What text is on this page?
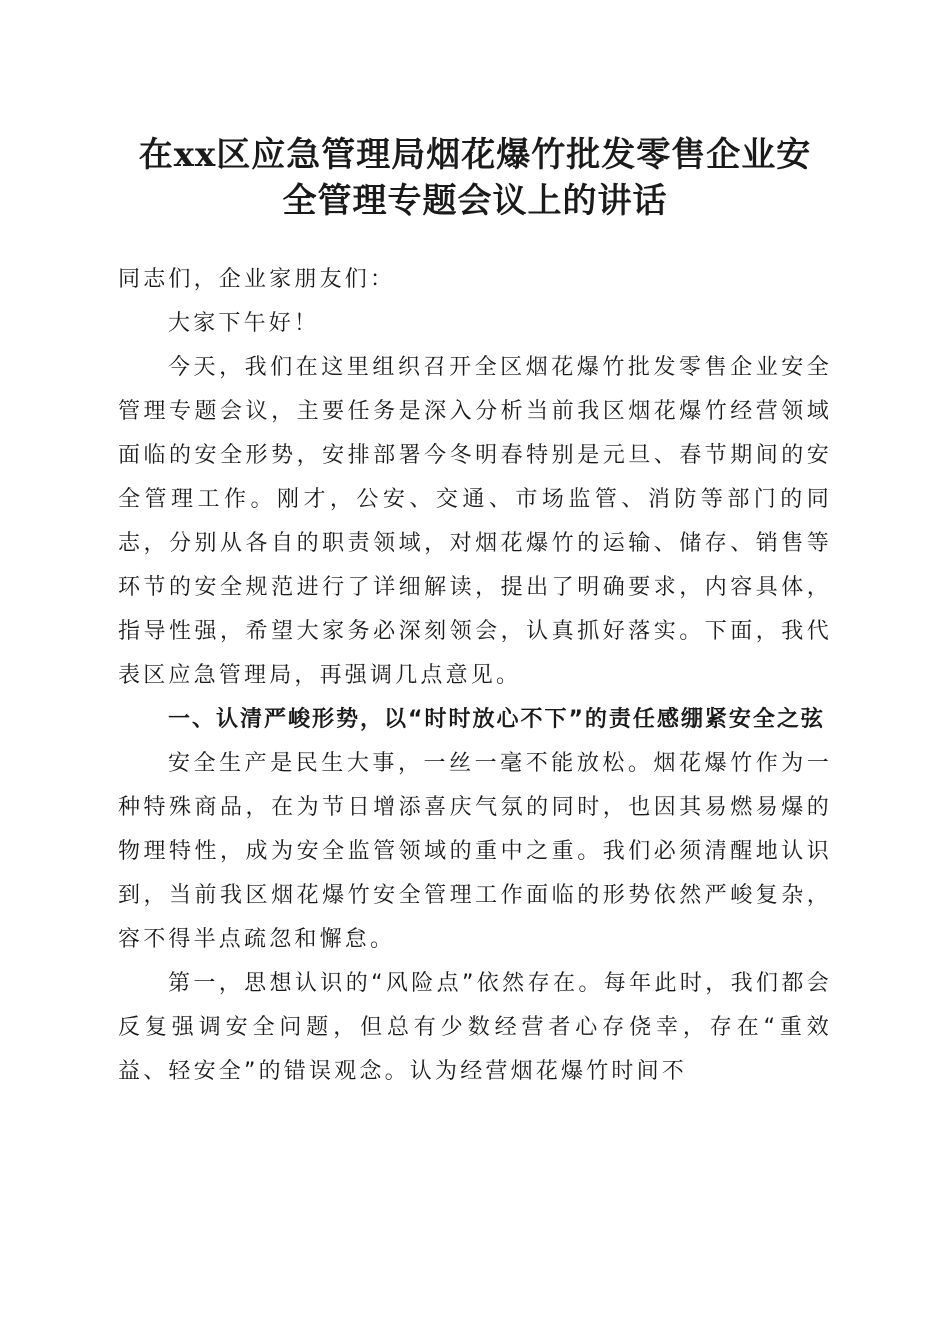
在xx区应急管理局烟花爆竹批发零售企业安
全管理专题会议上的讲话

同志们，企业家朋友们：

大家下午好！

今天，我们在这里组织召开全区烟花爆竹批发零售企业安全管理专题会议，主要任务是深入分析当前我区烟花爆竹经营领域面临的安全形势，安排部署今冬明春特别是元旦、春节期间的安全管理工作。刚才，公安、交通、市场监管、消防等部门的同志，分别从各自的职责领域，对烟花爆竹的运输、储存、销售等环节的安全规范进行了详细解读，提出了明确要求，内容具体，指导性强，希望大家务必深刻领会，认真抓好落实。下面，我代表区应急管理局，再强调几点意见。

一、认清严峻形势，以“时时放心不下”的责任感绷紧安全之弦

安全生产是民生大事，一丝一毫不能放松。烟花爆竹作为一种特殊商品，在为节日增添喜庆气氛的同时，也因其易燃易爆的物理特性，成为安全监管领域的重中之重。我们必须清醒地认识到，当前我区烟花爆竹安全管理工作面临的形势依然严峻复杂，容不得半点疏忽和懈怠。

第一，思想认识的“风险点”依然存在。每年此时，我们都会反复强调安全问题，但总有少数经营者心存侥幸，存在“重效益、轻安全”的错误观念。认为经营烟花爆竹时间不
